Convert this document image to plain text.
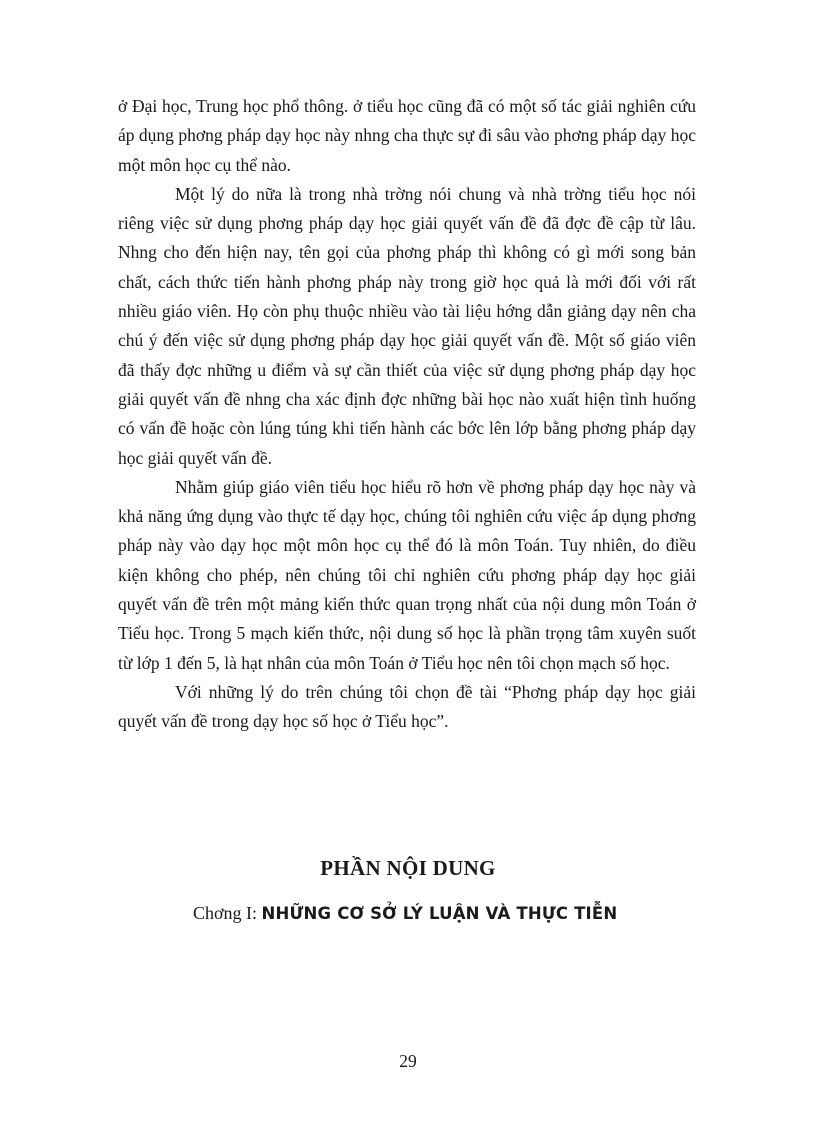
ở Đại học, Trung học phổ thông. ở tiểu học cũng đã có một số tác giải nghiên cứu áp dụng phơng pháp dạy học này nhng cha thực sự đi sâu vào phơng pháp dạy học một môn học cụ thể nào.

Một lý do nữa là trong nhà trờng nói chung và nhà trờng tiểu học nói riêng việc sử dụng phơng pháp dạy học giải quyết vấn đề đã đợc đề cập từ lâu. Nhng cho đến hiện nay, tên gọi của phơng pháp thì không có gì mới song bản chất, cách thức tiến hành phơng pháp này trong giờ học quả là mới đối với rất nhiều giáo viên. Họ còn phụ thuộc nhiều vào tài liệu hớng dẫn giảng dạy nên cha chú ý đến việc sử dụng phơng pháp dạy học giải quyết vấn đề. Một số giáo viên đã thấy đợc những u điểm và sự cần thiết của việc sử dụng phơng pháp dạy học giải quyết vấn đề nhng cha xác định đợc những bài học nào xuất hiện tình huống có vấn đề hoặc còn lúng túng khi tiến hành các bớc lên lớp bằng phơng pháp dạy học giải quyết vấn đề.

Nhằm giúp giáo viên tiểu học hiểu rõ hơn về phơng pháp dạy học này và khả năng ứng dụng vào thực tế dạy học, chúng tôi nghiên cứu việc áp dụng phơng pháp này vào dạy học một môn học cụ thể đó là môn Toán. Tuy nhiên, do điều kiện không cho phép, nên chúng tôi chỉ nghiên cứu phơng pháp dạy học giải quyết vấn đề trên một mảng kiến thức quan trọng nhất của nội dung môn Toán ở Tiểu học. Trong 5 mạch kiến thức, nội dung số học là phần trọng tâm xuyên suốt từ lớp 1 đến 5, là hạt nhân của môn Toán ở Tiểu học nên tôi chọn mạch số học.

Với những lý do trên chúng tôi chọn đề tài “Phơng pháp dạy học giải quyết vấn đề trong dạy học số học ở Tiểu học”.

PHẦN NỘI DUNG
Chơng I: NHỮNG CƠ SỞ LÝ LUẬN VÀ THỰC TIỄN
29
